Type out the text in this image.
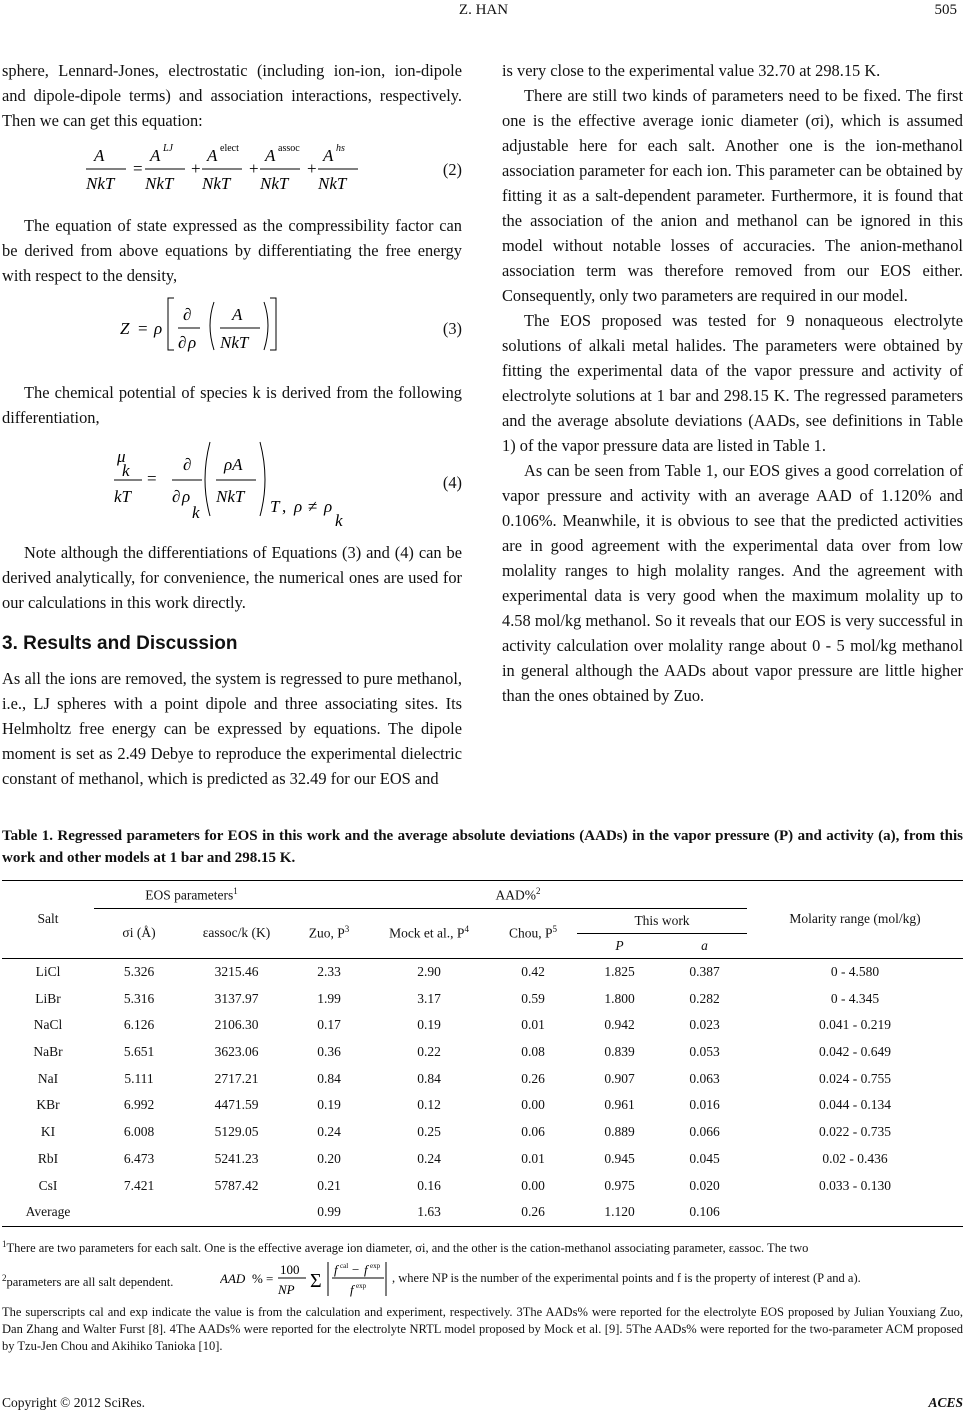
Z. HAN	505

sphere, Lennard-Jones, electrostatic (including ion-ion, ion-dipole and dipole-dipole terms) and association interactions, respectively. Then we can get this equation:

A
NkT
=
A LJ
NkT
+
A elect
NkT
+
A assoc
NkT
+
A hs
NkT
(2)

The equation of state expressed as the compressibility factor can be derived from above equations by differentiating the free energy with respect to the density,

Z = ρ
∂
∂ ρ
A
NkT
(3)

The chemical potential of species k is derived from the following differentiation,

μ
k
kT
=
∂
∂ ρ
k
ρA
NkT
T , ρ ≠ ρ
k
(4)

Note although the differentiations of Equations (3) and (4) can be derived analytically, for convenience, the numerical ones are used for our calculations in this work directly.

3. Results and Discussion

As all the ions are removed, the system is regressed to pure methanol, i.e., LJ spheres with a point dipole and three associating sites. Its Helmholtz free energy can be expressed by equations. The dipole moment is set as 2.49 Debye to reproduce the experimental dielectric constant of methanol, which is predicted as 32.49 for our EOS and

is very close to the experimental value 32.70 at 298.15 K.

There are still two kinds of parameters need to be fixed. The first one is the effective average ionic diameter (σi), which is assumed adjustable here for each salt. Another one is the ion-methanol association parameter for each ion. This parameter can be obtained by fitting it as a salt-dependent parameter. Furthermore, it is found that the association of the anion and methanol can be ignored in this model without notable losses of accuracies. The anion-methanol association term was therefore removed from our EOS either. Consequently, only two parameters are required in our model.

The EOS proposed was tested for 9 nonaqueous electrolyte solutions of alkali metal halides. The parameters were obtained by fitting the experimental data of the vapor pressure and activity of electrolyte solutions at 1 bar and 298.15 K. The regressed parameters and the average absolute deviations (AADs, see definitions in Table 1) of the vapor pressure data are listed in Table 1.

As can be seen from Table 1, our EOS gives a good correlation of vapor pressure and activity with an average AAD of 1.120% and 0.106%. Meanwhile, it is obvious to see that the predicted activities are in good agreement with the experimental data over from low molality ranges to high molality ranges. And the agreement with experimental data is very good when the maximum molality up to 4.58 mol/kg methanol. So it reveals that our EOS is very successful in activity calculation over molality range about 0 - 5 mol/kg methanol in general although the AADs about vapor pressure are little higher than the ones obtained by Zuo.

Table 1. Regressed parameters for EOS in this work and the average absolute deviations (AADs) in the vapor pressure (P) and activity (a), from this work and other models at 1 bar and 298.15 K.
Salt	EOS parameters$^1$		AAD%$^2$					Molarity range (mol/kg)
	σi (Å)	εassoc/k (K)	Zuo, $P^3$	Mock et al., $P^4$	Chou, $P^5$	This work
P a		

LiCl	5.326	3215.46	2.33	2.90	0.42	1.825	0.387	0 - 4.580
LiBr	5.316	3137.97	1.99	3.17	0.59	1.800	0.282	0 - 4.345
NaCl	6.126	2106.30	0.17	0.19	0.01	0.942	0.023	0.041 - 0.219
NaBr	5.651	3623.06	0.36	0.22	0.08	0.839	0.053	0.042 - 0.649
NaI	5.111	2717.21	0.84	0.84	0.26	0.907	0.063	0.024 - 0.755
KBr	6.992	4471.59	0.19	0.12	0.00	0.961	0.016	0.044 - 0.134
KI	6.008	5129.05	0.24	0.25	0.06	0.889	0.066	0.022 - 0.735
RbI	6.473	5241.23	0.20	0.24	0.01	0.945	0.045	0.02 - 0.436
CsI	7.421	5787.42	0.21	0.16	0.00	0.975	0.020	0.033 - 0.130
Average			0.99	1.63	0.26	1.120	0.106	
$^1$There are two parameters for each salt. One is the effective average ion diameter, σi, and the other is the cation-methanol associating parameter, εassoc. The two
$^2$parameters are all salt dependent.	AAD % =
100
NP Σ
f cal − f exp
f exp
, where NP is the number of the experimental points and f is the property of interest (P and a).
The superscripts cal and exp indicate the value is from the calculation and experiment, respectively. 3The AADs% were reported for the electrolyte EOS proposed by Julian Youxiang Zuo, Dan Zhang and Walter Furst [8]. 4The AADs% were reported for the electrolyte NRTL model proposed by Mock et al. [9]. 5The AADs% were reported for the two-parameter ACM proposed by Tzu-Jen Chou and Akihiko Tanioka [10].
Copyright © 2012 SciRes.	ACES
